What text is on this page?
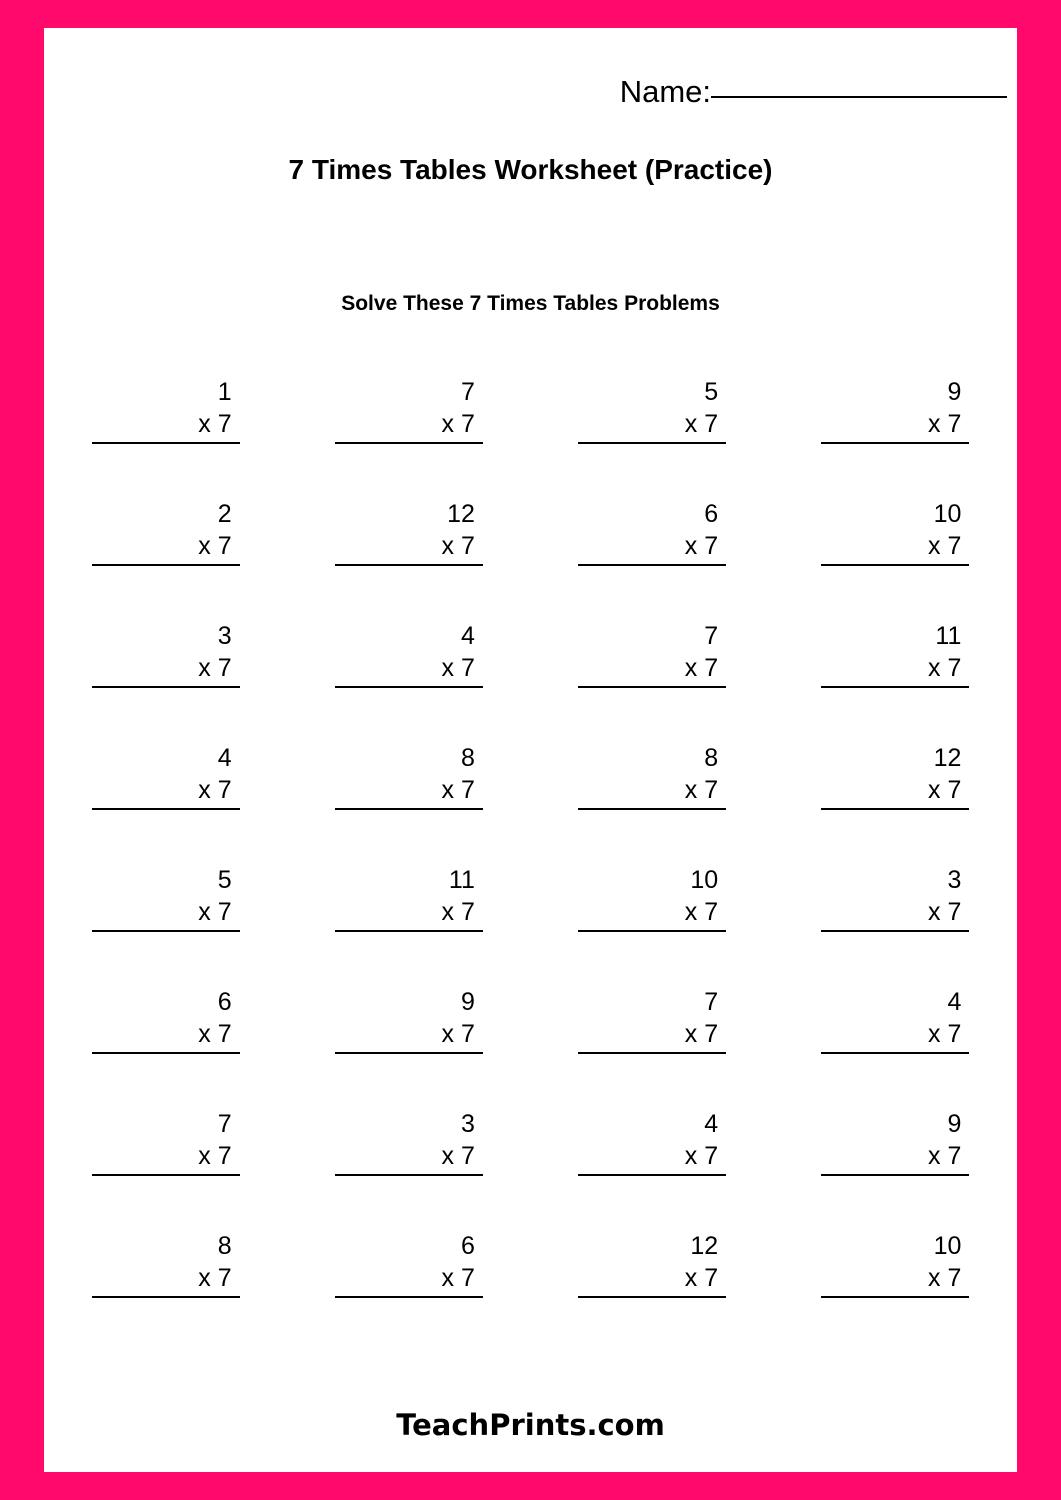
Name:
7 Times Tables Worksheet (Practice)
Solve These 7 Times Tables Problems
1
x 7
7
x 7
5
x 7
9
x 7
2
x 7
12
x 7
6
x 7
10
x 7
3
x 7
4
x 7
7
x 7
11
x 7
4
x 7
8
x 7
8
x 7
12
x 7
5
x 7
11
x 7
10
x 7
3
x 7
6
x 7
9
x 7
7
x 7
4
x 7
7
x 7
3
x 7
4
x 7
9
x 7
8
x 7
6
x 7
12
x 7
10
x 7
TeachPrints.com
